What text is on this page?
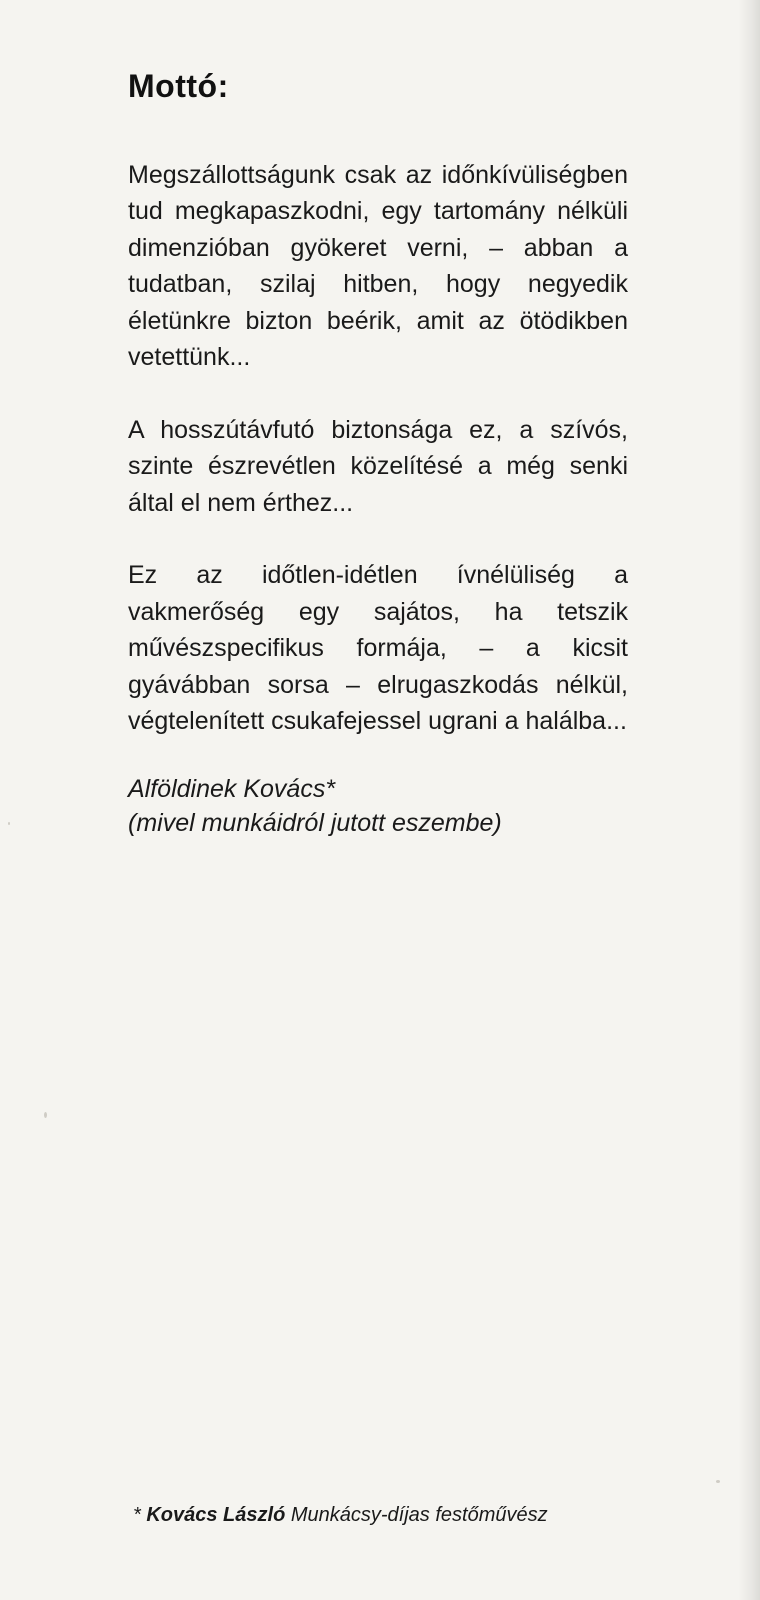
Mottó:

Megszállottságunk csak az időnkívüliségben tud megkapaszkodni, egy tartomány nélküli dimenzióban gyökeret verni, – abban a tudatban, szilaj hitben, hogy negyedik életünkre bizton beérik, amit az ötödikben vetettünk...

A hosszútávfutó biztonsága ez, a szívós, szinte észrevétlen közelítésé a még senki által el nem érthez...

Ez az időtlen-idétlen ívnélüliség a vakmerőség egy sajátos, ha tetszik művészspecifikus formája, – a kicsit gyávábban sorsa – elrugaszkodás nélkül, végtelenített csukafejessel ugrani a halálba...

Alföldinek Kovács*
(mivel munkáidról jutott eszembe)
* Kovács László Munkácsy-díjas festőművész
